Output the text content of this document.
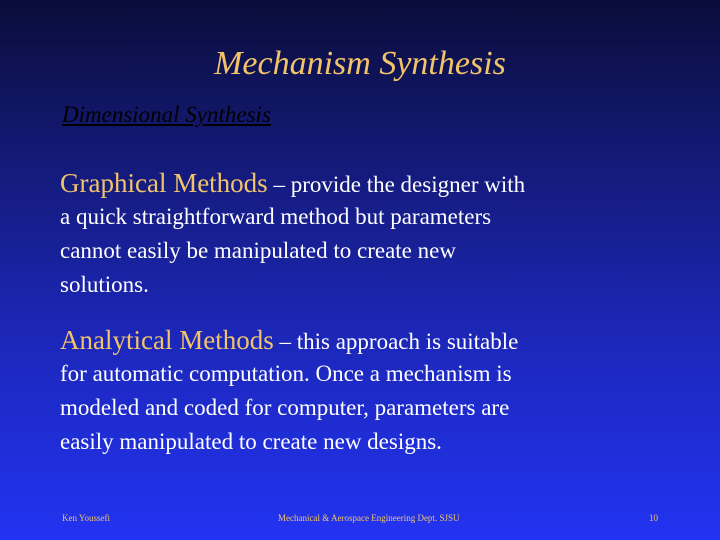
Mechanism Synthesis
Dimensional Synthesis
Graphical Methods – provide the designer with
a quick straightforward method but parameters
cannot easily be manipulated to create new
solutions.
Analytical Methods – this approach is suitable
for automatic computation. Once a mechanism is
modeled and coded for computer, parameters are
easily manipulated to create new designs.
Ken Youssefi	Mechanical & Aerospace Engineering Dept. SJSU	10
